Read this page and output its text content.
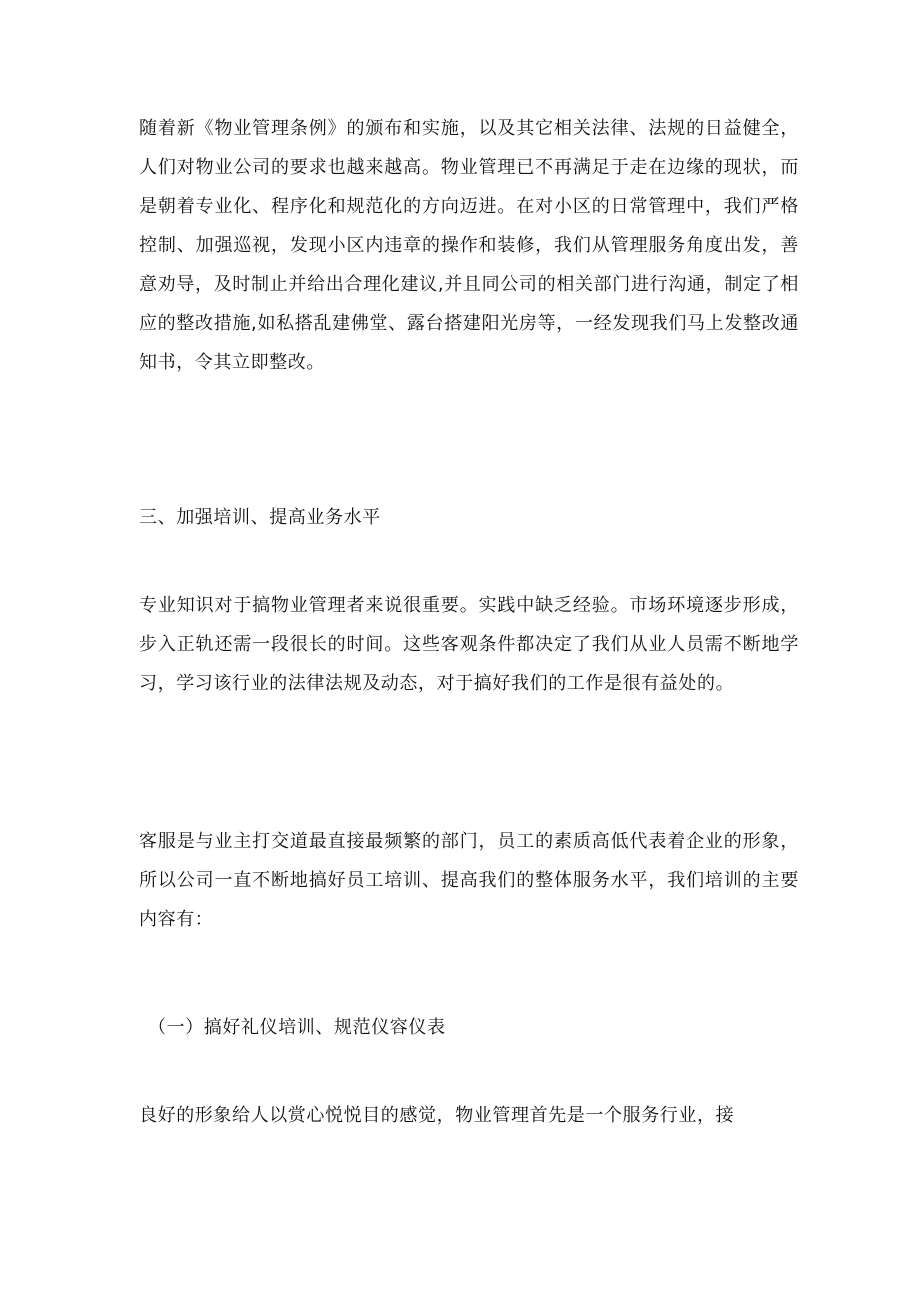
随着新《物业管理条例》的颁布和实施，以及其它相关法律、法规的日益健全，人们对物业公司的要求也越来越高。物业管理已不再满足于走在边缘的现状，而是朝着专业化、程序化和规范化的方向迈进。在对小区的日常管理中，我们严格控制、加强巡视，发现小区内违章的操作和装修，我们从管理服务角度出发，善意劝导，及时制止并给出合理化建议,并且同公司的相关部门进行沟通，制定了相应的整改措施,如私搭乱建佛堂、露台搭建阳光房等，一经发现我们马上发整改通知书，令其立即整改。

三、加强培训、提高业务水平

专业知识对于搞物业管理者来说很重要。实践中缺乏经验。市场环境逐步形成，步入正轨还需一段很长的时间。这些客观条件都决定了我们从业人员需不断地学习，学习该行业的法律法规及动态，对于搞好我们的工作是很有益处的。

客服是与业主打交道最直接最频繁的部门，员工的素质高低代表着企业的形象，所以公司一直不断地搞好员工培训、提高我们的整体服务水平，我们培训的主要内容有：

（一）搞好礼仪培训、规范仪容仪表

良好的形象给人以赏心悦悦目的感觉，物业管理首先是一个服务行业，接
